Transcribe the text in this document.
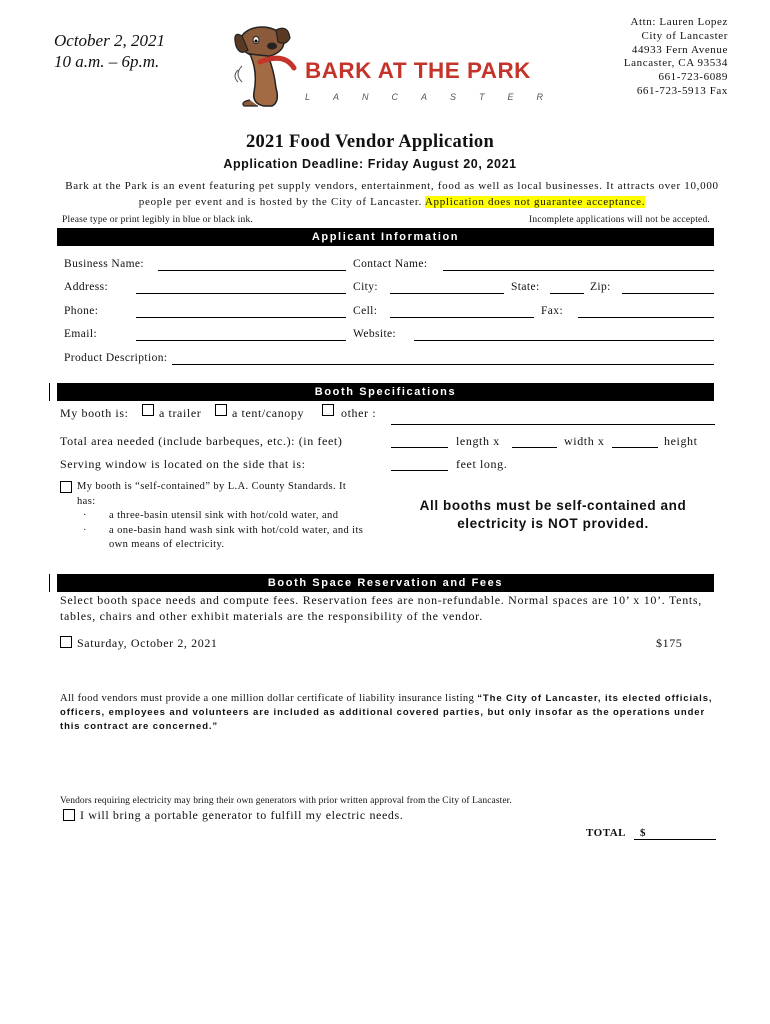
October 2, 2021
10 a.m. – 6p.m.	BARK AT THE PARK
LANCASTER
Attn: Lauren Lopez
City of Lancaster
44933 Fern Avenue
Lancaster, CA 93534
661-723-6089
661-723-5913 Fax
2021 Food Vendor Application
Application Deadline: Friday August 20, 2021
Bark at the Park is an event featuring pet supply vendors, entertainment, food as well as local businesses. It attracts over 10,000 people per event and is hosted by the City of Lancaster. Application does not guarantee acceptance.
Please type or print legibly in blue or black ink.	Incomplete applications will not be accepted.
Applicant Information
Business Name:	Contact Name:
Address:	City:	State:	Zip:
Phone:	Cell:	Fax:
Email:	Website:
Product Description:
Booth Specifications
My booth is:	a trailer	a tent/canopy	other :
Total area needed (include barbeques, etc.): (in feet)	length x	width x	height
Serving window is located on the side that is:	feet long.
My booth is “self-contained” by L.A. County Standards. It has:
·	a three-basin utensil sink with hot/cold water, and
·	a one-basin hand wash sink with hot/cold water, and its own means of electricity.
All booths must be self-contained and electricity is NOT provided.
Booth Space Reservation and Fees
Select booth space needs and compute fees. Reservation fees are non-refundable. Normal spaces are 10’ x 10’. Tents, tables, chairs and other exhibit materials are the responsibility of the vendor.
Saturday, October 2, 2021	$175
All food vendors must provide a one million dollar certificate of liability insurance listing “The City of Lancaster, its elected officials, officers, employees and volunteers are included as additional covered parties, but only insofar as the operations under this contract are concerned.”
Vendors requiring electricity may bring their own generators with prior written approval from the City of Lancaster.
I will bring a portable generator to fulfill my electric needs.
TOTAL	$
